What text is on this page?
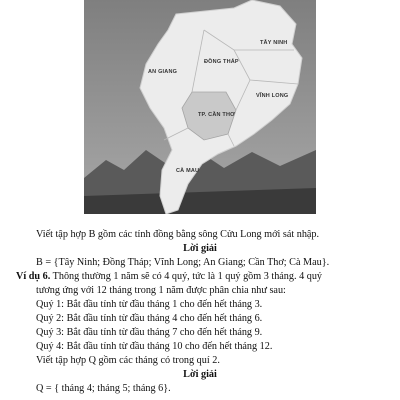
TÂY NINH
ĐỒNG THÁP
AN GIANG
VĨNH LONG
TP. CẦN THƠ
CÀ MAU
Viết tập hợp B gồm các tỉnh đồng bằng sông Cửu Long mới sát nhập.
Lời giải
B = {Tây Ninh; Đồng Tháp; Vĩnh Long; An Giang; Cần Thơ; Cà Mau}.
Ví dụ 6. Thông thường 1 năm sẽ có 4 quý, tức là 1 quý gồm 3 tháng. 4 quý
tương ứng với 12 tháng trong 1 năm được phân chia như sau:
Quý 1: Bắt đầu tính từ đầu tháng 1 cho đến hết tháng 3.
Quý 2: Bắt đầu tính từ đầu tháng 4 cho đến hết tháng 6.
Quý 3: Bắt đầu tính từ đầu tháng 7 cho đến hết tháng 9.
Quý 4: Bắt đầu tính từ đầu tháng 10 cho đến hết tháng 12.
Viết tập hợp Q gồm các tháng có trong quí 2.
Lời giải
Q = { tháng 4; tháng 5; tháng 6}.
